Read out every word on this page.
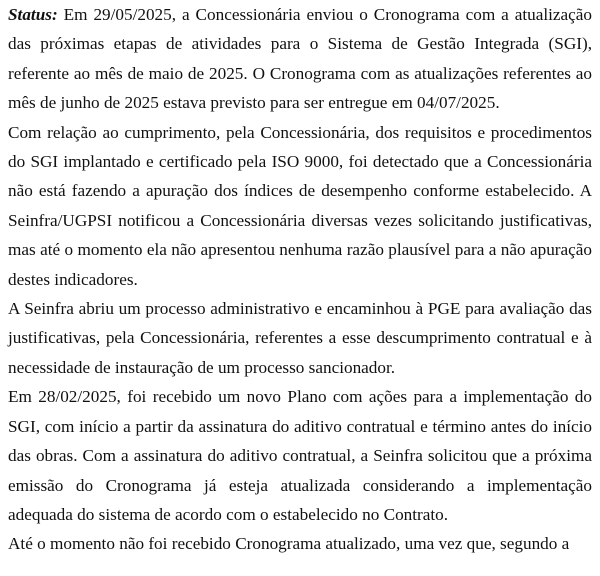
Status: Em 29/05/2025, a Concessionária enviou o Cronograma com a atualização das próximas etapas de atividades para o Sistema de Gestão Integrada (SGI), referente ao mês de maio de 2025. O Cronograma com as atualizações referentes ao mês de junho de 2025 estava previsto para ser entregue em 04/07/2025.

Com relação ao cumprimento, pela Concessionária, dos requisitos e procedimentos do SGI implantado e certificado pela ISO 9000, foi detectado que a Concessionária não está fazendo a apuração dos índices de desempenho conforme estabelecido. A Seinfra/UGPSI notificou a Concessionária diversas vezes solicitando justificativas, mas até o momento ela não apresentou nenhuma razão plausível para a não apuração destes indicadores.

A Seinfra abriu um processo administrativo e encaminhou à PGE para avaliação das justificativas, pela Concessionária, referentes a esse descumprimento contratual e à necessidade de instauração de um processo sancionador.

Em 28/02/2025, foi recebido um novo Plano com ações para a implementação do SGI, com início a partir da assinatura do aditivo contratual e término antes do início das obras. Com a assinatura do aditivo contratual, a Seinfra solicitou que a próxima emissão do Cronograma já esteja atualizada considerando a implementação adequada do sistema de acordo com o estabelecido no Contrato.

Até o momento não foi recebido Cronograma atualizado, uma vez que, segundo a
